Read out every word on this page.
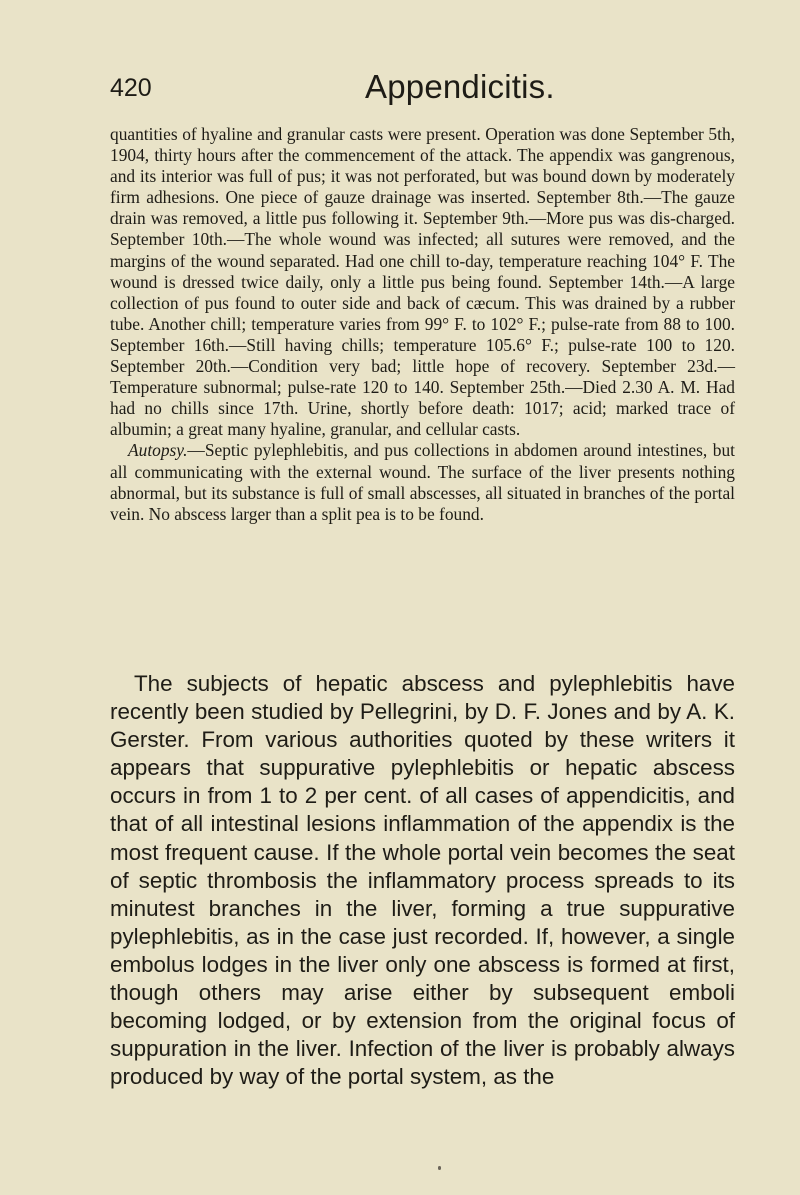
420	Appendicitis.

quantities of hyaline and granular casts were present. Operation was done September 5th, 1904, thirty hours after the commencement of the attack. The appendix was gangrenous, and its interior was full of pus; it was not perforated, but was bound down by moderately firm adhesions. One piece of gauze drainage was inserted. September 8th.—The gauze drain was removed, a little pus following it. September 9th.—More pus was dis-charged. September 10th.—The whole wound was infected; all sutures were removed, and the margins of the wound separated. Had one chill to-day, temperature reaching 104° F. The wound is dressed twice daily, only a little pus being found. September 14th.—A large collection of pus found to outer side and back of cæcum. This was drained by a rubber tube. Another chill; temperature varies from 99° F. to 102° F.; pulse-rate from 88 to 100. September 16th.—Still having chills; temperature 105.6° F.; pulse-rate 100 to 120. September 20th.—Condition very bad; little hope of recovery. September 23d.—Temperature subnormal; pulse-rate 120 to 140. September 25th.—Died 2.30 A. M. Had had no chills since 17th. Urine, shortly before death: 1017; acid; marked trace of albumin; a great many hyaline, granular, and cellular casts.

Autopsy.—Septic pylephlebitis, and pus collections in abdomen around intestines, but all communicating with the external wound. The surface of the liver presents nothing abnormal, but its substance is full of small abscesses, all situated in branches of the portal vein. No abscess larger than a split pea is to be found.

The subjects of hepatic abscess and pylephlebitis have recently been studied by Pellegrini, by D. F. Jones and by A. K. Gerster. From various authorities quoted by these writers it appears that suppurative pylephlebitis or hepatic abscess occurs in from 1 to 2 per cent. of all cases of appendicitis, and that of all intestinal lesions inflammation of the appendix is the most frequent cause. If the whole portal vein becomes the seat of septic thrombosis the inflammatory process spreads to its minutest branches in the liver, forming a true suppurative pylephlebitis, as in the case just recorded. If, however, a single embolus lodges in the liver only one abscess is formed at first, though others may arise either by subsequent emboli becoming lodged, or by extension from the original focus of suppuration in the liver. Infection of the liver is probably always produced by way of the portal system, as the
